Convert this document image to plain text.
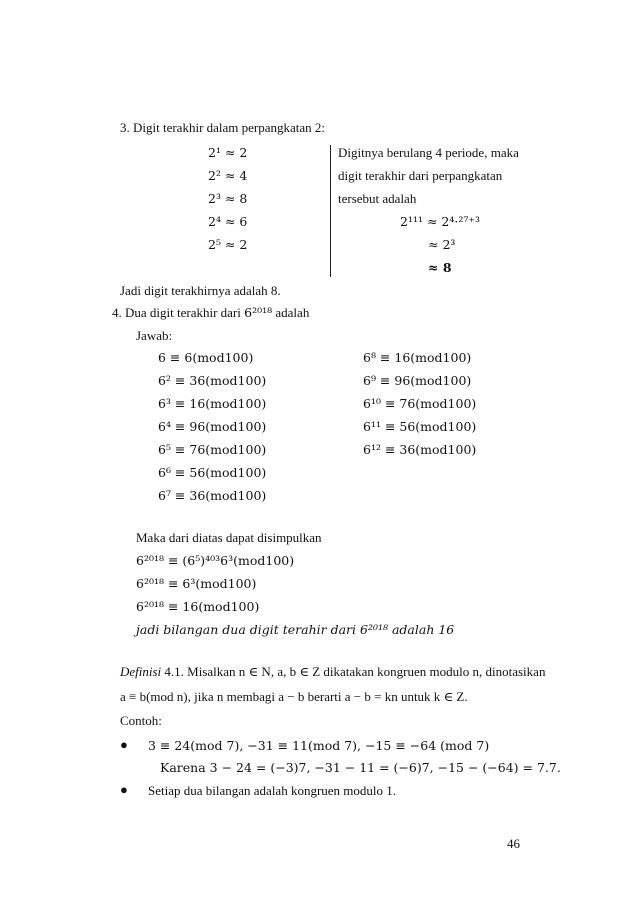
3. Digit terakhir dalam perpangkatan 2:
2¹ ≈ 2
2² ≈ 4
2³ ≈ 8
2⁴ ≈ 6
2⁵ ≈ 2
Digitnya berulang 4 periode, maka
digit terakhir dari perpangkatan
tersebut adalah
2¹¹¹ ≈ 2⁴·²⁷⁺³
≈ 2³
≈ 8
Jadi digit terakhirnya adalah 8.
4. Dua digit terakhir dari 6²⁰¹⁸ adalah
Jawab:
6 ≡ 6(mod100)
6² ≡ 36(mod100)
6³ ≡ 16(mod100)
6⁴ ≡ 96(mod100)
6⁵ ≡ 76(mod100)
6⁶ ≡ 56(mod100)
6⁷ ≡ 36(mod100)
6⁸ ≡ 16(mod100)
6⁹ ≡ 96(mod100)
6¹⁰ ≡ 76(mod100)
6¹¹ ≡ 56(mod100)
6¹² ≡ 36(mod100)
Maka dari diatas dapat disimpulkan
6²⁰¹⁸ ≡ (6⁵)⁴⁰³6³(mod100)
6²⁰¹⁸ ≡ 6³(mod100)
6²⁰¹⁸ ≡ 16(mod100)
jadi bilangan dua digit terahir dari 6²⁰¹⁸ adalah 16
Definisi 4.1. Misalkan n ∈ N, a, b ∈ Z dikatakan kongruen modulo n, dinotasikan
a ≡ b(mod n), jika n membagi a − b berarti a − b = kn untuk k ∈ Z.
Contoh:
● 3 ≡ 24(mod 7), −31 ≡ 11(mod 7), −15 ≡ −64 (mod 7)
Karena 3 − 24 = (−3)7, −31 − 11 = (−6)7, −15 − (−64) = 7.7.
● Setiap dua bilangan adalah kongruen modulo 1.
46
